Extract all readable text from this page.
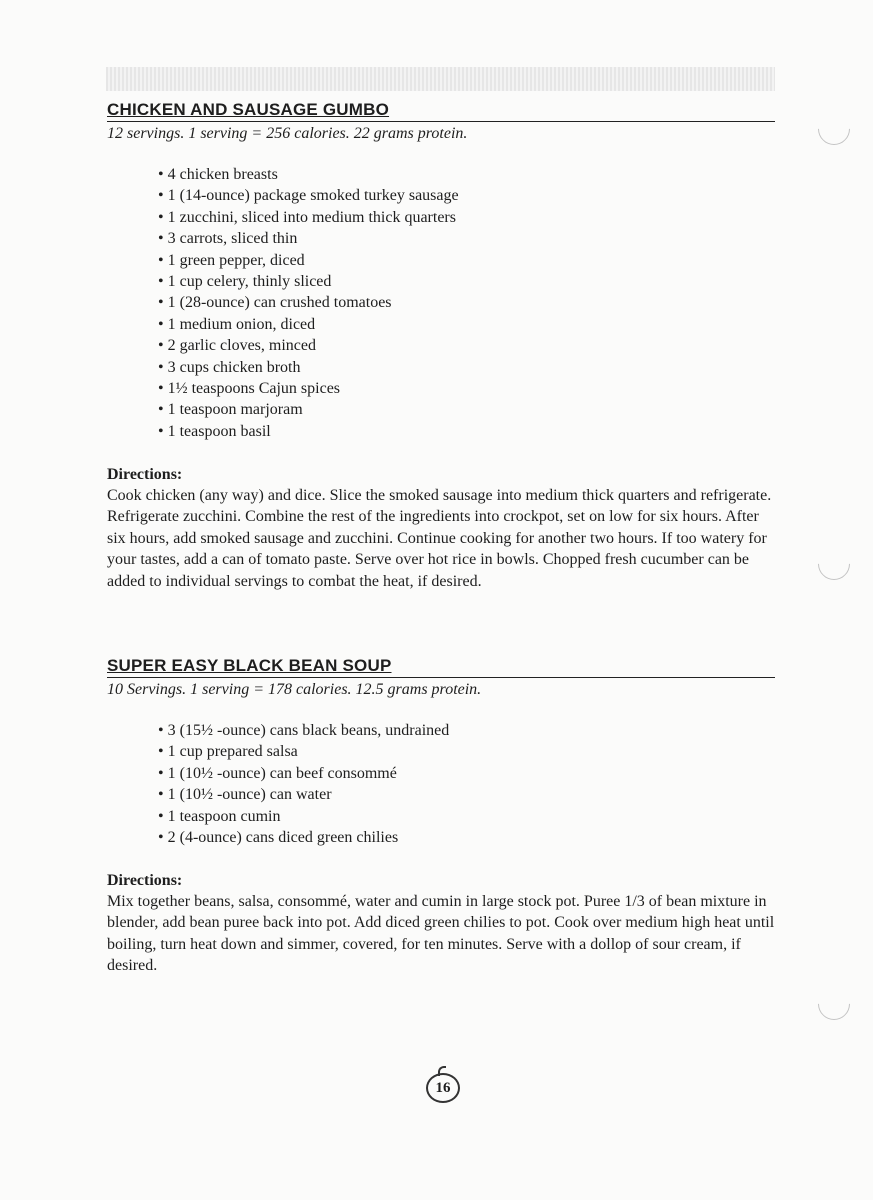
CHICKEN AND SAUSAGE GUMBO

12 servings. 1 serving = 256 calories. 22 grams protein.

• 4 chicken breasts
• 1 (14-ounce) package smoked turkey sausage
• 1 zucchini, sliced into medium thick quarters
• 3 carrots, sliced thin
• 1 green pepper, diced
• 1 cup celery, thinly sliced
• 1 (28-ounce) can crushed tomatoes
• 1 medium onion, diced
• 2 garlic cloves, minced
• 3 cups chicken broth
• 1½ teaspoons Cajun spices
• 1 teaspoon marjoram
• 1 teaspoon basil
Directions:

Cook chicken (any way) and dice. Slice the smoked sausage into medium thick quarters and refrigerate. Refrigerate zucchini. Combine the rest of the ingredients into crockpot, set on low for six hours. After six hours, add smoked sausage and zucchini. Continue cooking for another two hours. If too watery for your tastes, add a can of tomato paste. Serve over hot rice in bowls. Chopped fresh cucumber can be added to individual servings to combat the heat, if desired.

SUPER EASY BLACK BEAN SOUP

10 Servings. 1 serving = 178 calories. 12.5 grams protein.

• 3 (15½ -ounce) cans black beans, undrained
• 1 cup prepared salsa
• 1 (10½ -ounce) can beef consommé
• 1 (10½ -ounce) can water
• 1 teaspoon cumin
• 2 (4-ounce) cans diced green chilies
Directions:

Mix together beans, salsa, consommé, water and cumin in large stock pot. Puree 1/3 of bean mixture in blender, add bean puree back into pot. Add diced green chilies to pot. Cook over medium high heat until boiling, turn heat down and simmer, covered, for ten minutes. Serve with a dollop of sour cream, if desired.

16
